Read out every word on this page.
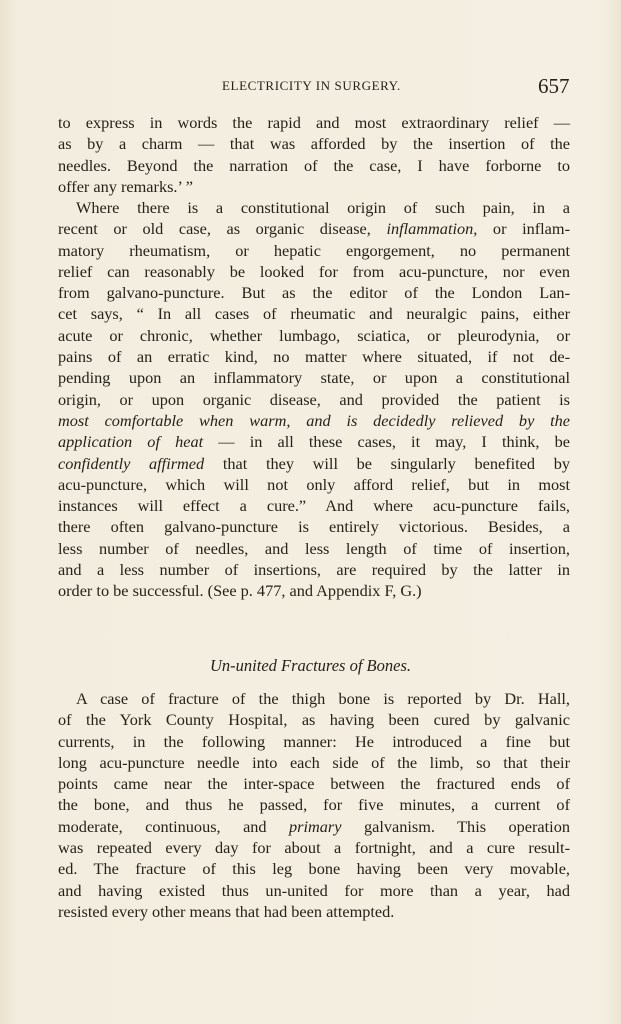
ELECTRICITY IN SURGERY.	657
to express in words the rapid and most extraordinary relief —
as by a charm — that was afforded by the insertion of the
needles. Beyond the narration of the case, I have forborne to
offer any remarks.’ ”
Where there is a constitutional origin of such pain, in a
recent or old case, as organic disease, inflammation, or inflam-
matory rheumatism, or hepatic engorgement, no permanent
relief can reasonably be looked for from acu-puncture, nor even
from galvano-puncture. But as the editor of the London Lan-
cet says, “ In all cases of rheumatic and neuralgic pains, either
acute or chronic, whether lumbago, sciatica, or pleurodynia, or
pains of an erratic kind, no matter where situated, if not de-
pending upon an inflammatory state, or upon a constitutional
origin, or upon organic disease, and provided the patient is
most comfortable when warm, and is decidedly relieved by the
application of heat — in all these cases, it may, I think, be
confidently affirmed that they will be singularly benefited by
acu-puncture, which will not only afford relief, but in most
instances will effect a cure.” And where acu-puncture fails,
there often galvano-puncture is entirely victorious. Besides, a
less number of needles, and less length of time of insertion,
and a less number of insertions, are required by the latter in
order to be successful. (See p. 477, and Appendix F, G.)
Un-united Fractures of Bones.
A case of fracture of the thigh bone is reported by Dr. Hall,
of the York County Hospital, as having been cured by galvanic
currents, in the following manner: He introduced a fine but
long acu-puncture needle into each side of the limb, so that their
points came near the inter-space between the fractured ends of
the bone, and thus he passed, for five minutes, a current of
moderate, continuous, and primary galvanism. This operation
was repeated every day for about a fortnight, and a cure result-
ed. The fracture of this leg bone having been very movable,
and having existed thus un-united for more than a year, had
resisted every other means that had been attempted.
